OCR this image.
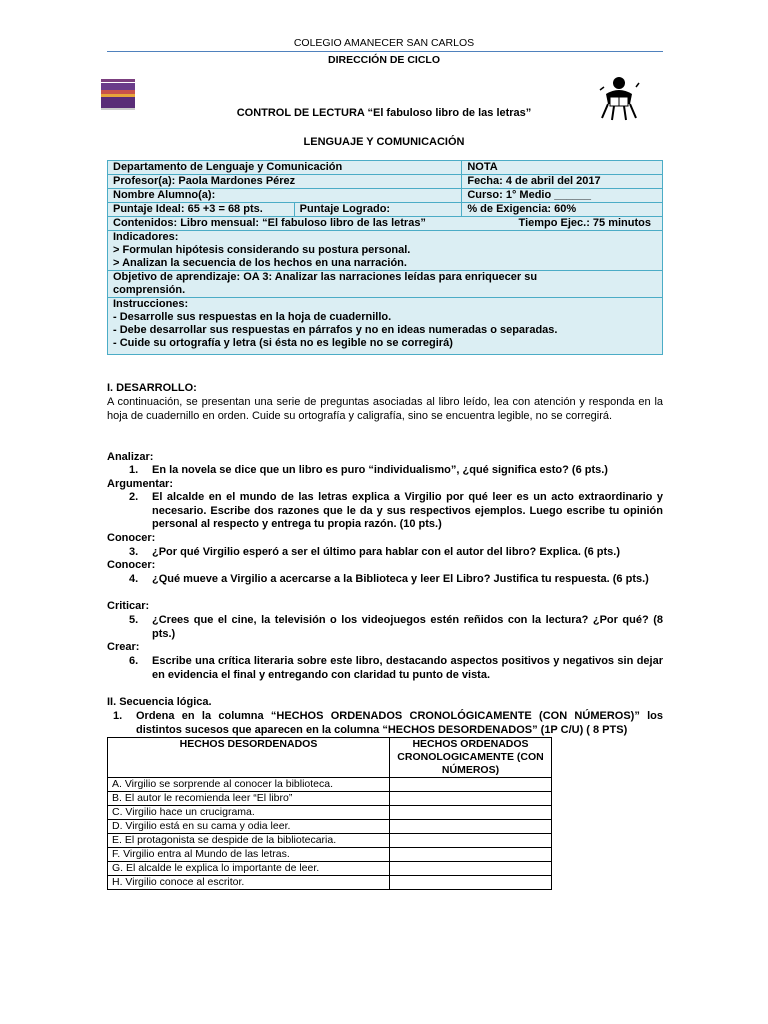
COLEGIO AMANECER SAN CARLOS
DIRECCIÓN DE CICLO
CONTROL DE LECTURA “El fabuloso libro de las letras”
LENGUAJE Y COMUNICACIÓN
Departamento de Lenguaje y Comunicación		NOTA
Profesor(a): Paola Mardones Pérez		Fecha: 4 de abril del 2017
Nombre Alumno(a):		Curso: 1° Medio ______
Puntaje Ideal: 65 +3 = 68 pts.	Puntaje Logrado:	% de Exigencia: 60%
Contenidos: Libro mensual: “El fabuloso libro de las letras” Tiempo Ejec.: 75 minutos		

Indicadores:
> Formulan hipótesis considerando su postura personal.
> Analizan la secuencia de los hechos en una narración.		

Objetivo de aprendizaje: OA 3: Analizar las narraciones leídas para enriquecer su comprensión.		

Instrucciones:
- Desarrolle sus respuestas en la hoja de cuadernillo.
- Debe desarrollar sus respuestas en párrafos y no en ideas numeradas o separadas.
- Cuide su ortografía y letra (si ésta no es legible no se corregirá)		
I. DESARROLLO:
A continuación, se presentan una serie de preguntas asociadas al libro leído, lea con atención y responda en la hoja de cuadernillo en orden. Cuide su ortografía y caligrafía, sino se encuentra legible, no se corregirá.
Analizar:
1. En la novela se dice que un libro es puro “individualismo”, ¿qué significa esto? (6 pts.)
Argumentar:
2. El alcalde en el mundo de las letras explica a Virgilio por qué leer es un acto extraordinario y necesario. Escribe dos razones que le da y sus respectivos ejemplos. Luego escribe tu opinión personal al respecto y entrega tu propia razón. (10 pts.)
Conocer:
3. ¿Por qué Virgilio esperó a ser el último para hablar con el autor del libro? Explica. (6 pts.)
Conocer:
4. ¿Qué mueve a Virgilio a acercarse a la Biblioteca y leer El Libro? Justifica tu respuesta. (6 pts.)
Criticar:
5. ¿Crees que el cine, la televisión o los videojuegos estén reñidos con la lectura? ¿Por qué? (8 pts.)
Crear:
6. Escribe una crítica literaria sobre este libro, destacando aspectos positivos y negativos sin dejar en evidencia el final y entregando con claridad tu punto de vista.
II. Secuencia lógica.
1. Ordena en la columna “HECHOS ORDENADOS CRONOLÓGICAMENTE (CON NÚMEROS)” los distintos sucesos que aparecen en la columna “HECHOS DESORDENADOS” (1P C/U) ( 8 PTS)
HECHOS DESORDENADOS	HECHOS ORDENADOS CRONOLOGICAMENTE (CON NÚMEROS)
A. Virgilio se sorprende al conocer la biblioteca.	
B. El autor le recomienda leer “El libro”	
C. Virgilio hace un crucigrama.	
D. Virgilio está en su cama y odia leer.	
E. El protagonista se despide de la bibliotecaria.	
F. Virgilio entra al Mundo de las letras.	
G. El alcalde le explica lo importante de leer.	
H. Virgilio conoce al escritor.	
